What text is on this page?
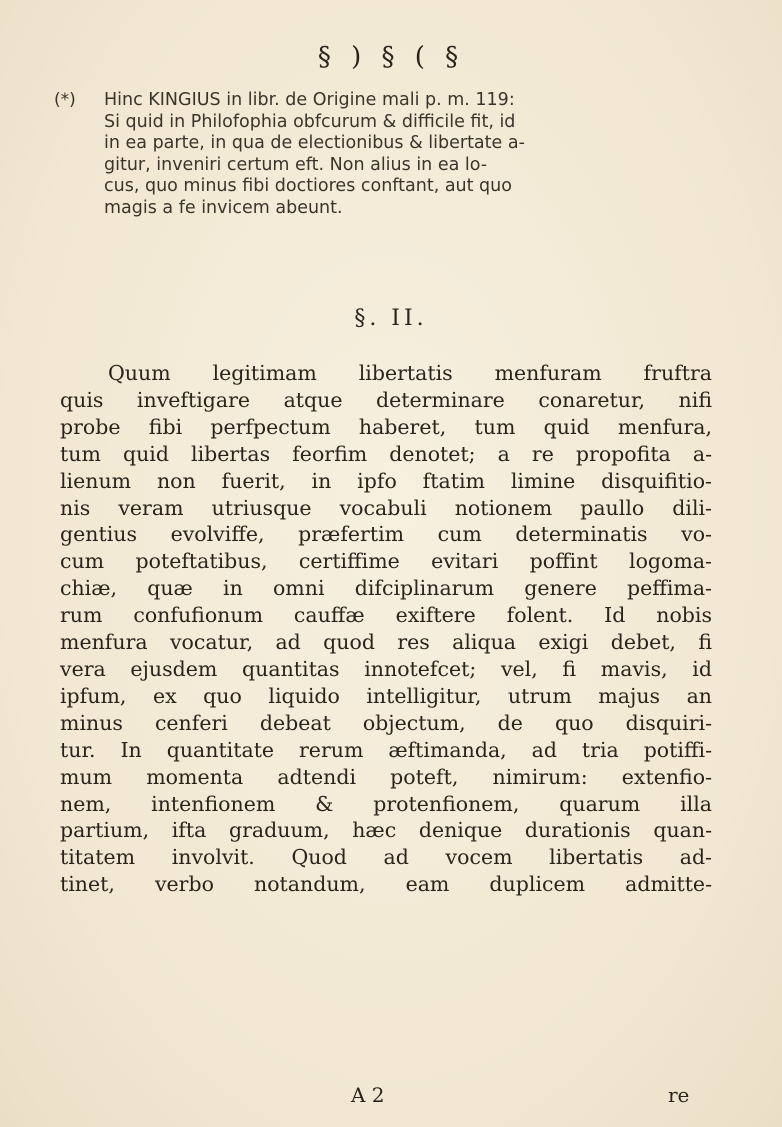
§ ) § ( §
(*) Hinc KINGIUS in libr. de Origine mali p. m. 119:
Si quid in Philofophia obfcurum & difficile fit, id
in ea parte, in qua de electionibus & libertate a-
gitur, inveniri certum eft. Non alius in ea lo-
cus, quo minus fibi doctiores conftant, aut quo
magis a fe invicem abeunt.
§. II.
Quum legitimam libertatis menfuram fruftra
quis inveftigare atque determinare conaretur, nifi
probe fibi perfpectum haberet, tum quid menfura,
tum quid libertas feorfim denotet; a re propofita a-
lienum non fuerit, in ipfo ftatim limine disquifitio-
nis veram utriusque vocabuli notionem paullo dili-
gentius evolviffe, præfertim cum determinatis vo-
cum poteftatibus, certiffime evitari poffint logoma-
chiæ, quæ in omni difciplinarum genere peffima-
rum confufionum cauffæ exiftere folent. Id nobis
menfura vocatur, ad quod res aliqua exigi debet, fi
vera ejusdem quantitas innotefcet; vel, fi mavis, id
ipfum, ex quo liquido intelligitur, utrum majus an
minus cenferi debeat objectum, de quo disquiri-
tur. In quantitate rerum æftimanda, ad tria potiffi-
mum momenta adtendi poteft, nimirum: extenfio-
nem, intenfionem & protenfionem, quarum illa
partium, ifta graduum, hæc denique durationis quan-
titatem involvit. Quod ad vocem libertatis ad-
tinet, verbo notandum, eam duplicem admitte-
A 2	re
